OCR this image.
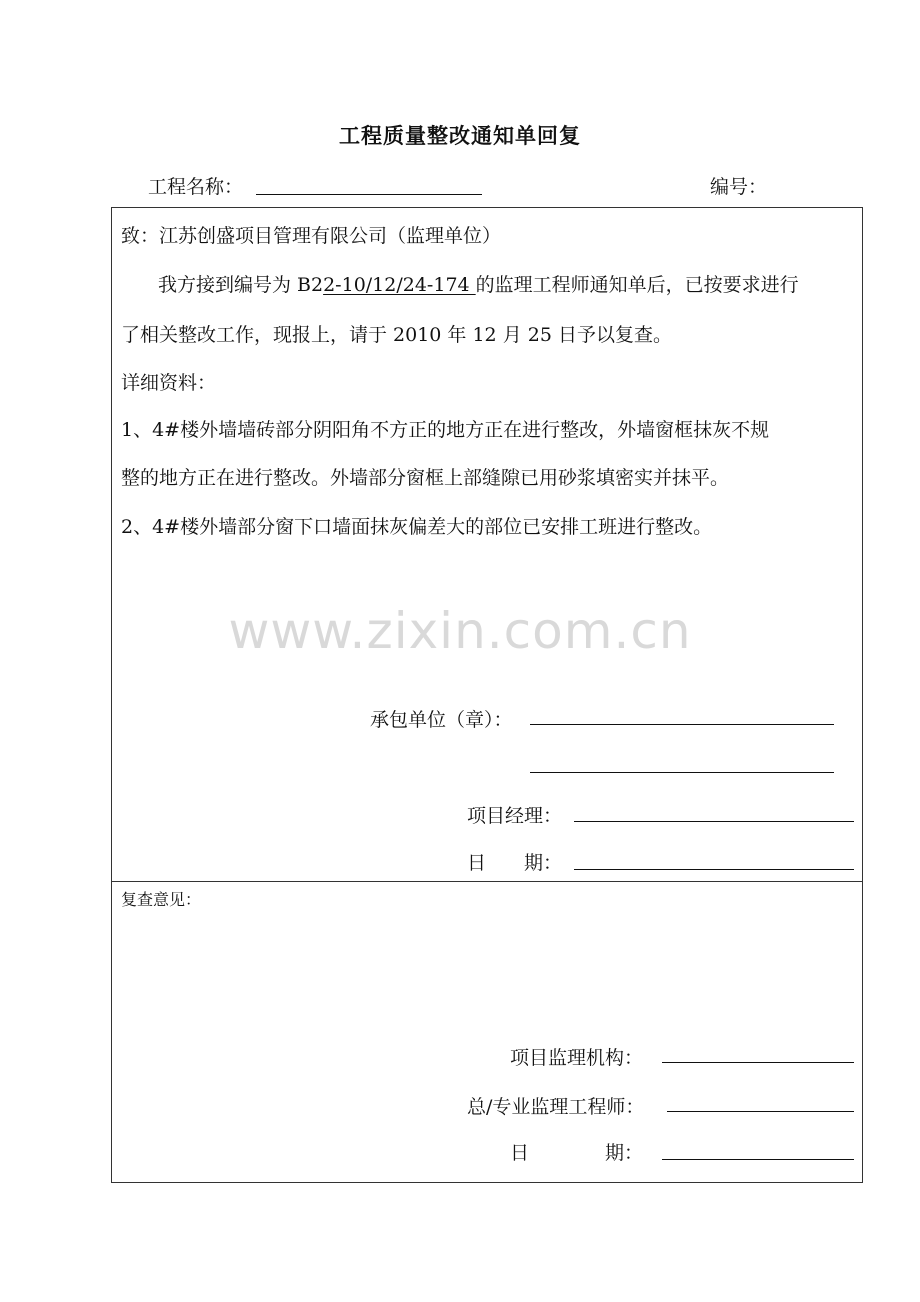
工程质量整改通知单回复
工程名称：	编号：
致：江苏创盛项目管理有限公司（监理单位）
我方接到编号为 B22-10/12/24-174 的监理工程师通知单后，已按要求进行
了相关整改工作，现报上，请于 2010 年 12 月 25 日予以复查。
详细资料：
1、4#楼外墙墙砖部分阴阳角不方正的地方正在进行整改，外墙窗框抹灰不规
整的地方正在进行整改。外墙部分窗框上部缝隙已用砂浆填密实并抹平。
2、4#楼外墙部分窗下口墙面抹灰偏差大的部位已安排工班进行整改。
承包单位（章）：
项目经理：
日　　期：
www.zixin.com.cn
复查意见：
项目监理机构：
总/专业监理工程师：
日　　　　期：
